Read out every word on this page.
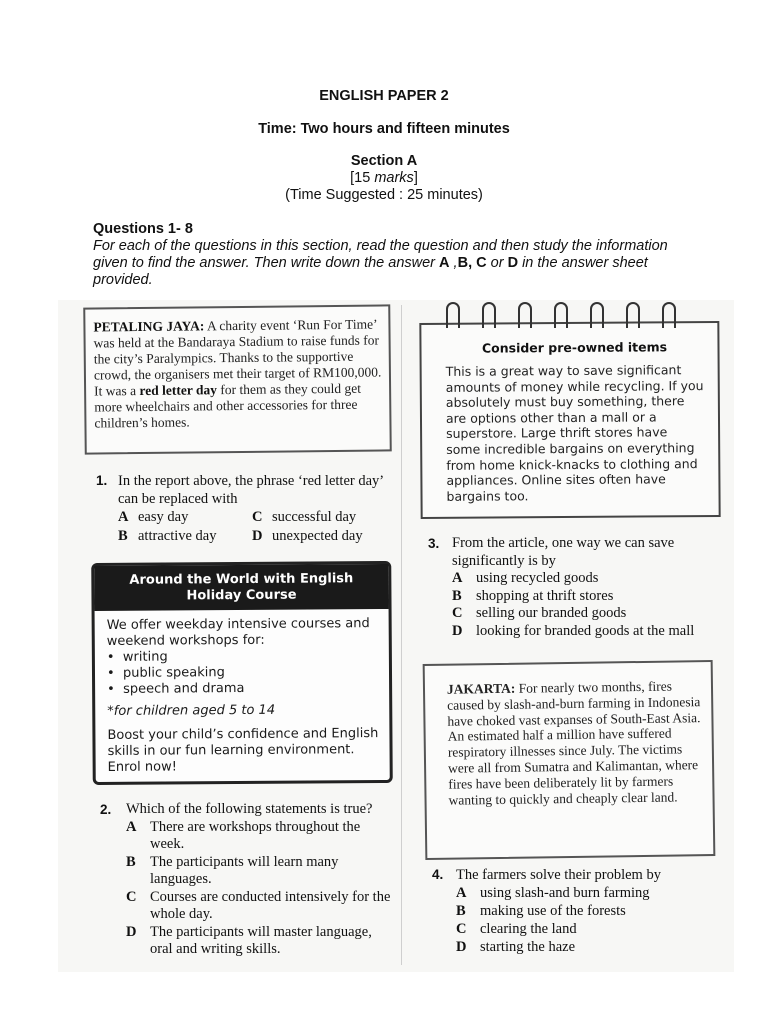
ENGLISH PAPER 2
Time: Two hours and fifteen minutes
Section A
[15 marks]
(Time Suggested : 25 minutes)
Questions 1- 8
For each of the questions in this section, read the question and then study the information given to find the answer. Then write down the answer A ,B, C or D in the answer sheet provided.
PETALING JAYA: A charity event ‘Run For Time’ was held at the Bandaraya Stadium to raise funds for the city’s Paralympics. Thanks to the supportive crowd, the organisers met their target of RM100,000. It was a red letter day for them as they could get more wheelchairs and other accessories for three children’s homes.
1. In the report above, the phrase ‘red letter day’ can be replaced with
A easy day	C successful day
B attractive day	D unexpected day
Around the World with English Holiday Course
We offer weekday intensive courses and weekend workshops for:
• writing
• public speaking
• speech and drama
*for children aged 5 to 14
Boost your child’s confidence and English skills in our fun learning environment. Enrol now!
2.	Which of the following statements is true?
A There are workshops throughout the week.
B The participants will learn many languages.
C Courses are conducted intensively for the whole day.
D The participants will master language, oral and writing skills.
Consider pre-owned items
This is a great way to save significant amounts of money while recycling. If you absolutely must buy something, there are options other than a mall or a superstore. Large thrift stores have some incredible bargains on everything from home knick-knacks to clothing and appliances. Online sites often have bargains too.
3. From the article, one way we can save significantly is by
A using recycled goods
B shopping at thrift stores
C selling our branded goods
D looking for branded goods at the mall
JAKARTA: For nearly two months, fires caused by slash-and-burn farming in Indonesia have choked vast expanses of South-East Asia. An estimated half a million have suffered respiratory illnesses since July. The victims were all from Sumatra and Kalimantan, where fires have been deliberately lit by farmers wanting to quickly and cheaply clear land.
4. The farmers solve their problem by
A using slash-and burn farming
B making use of the forests
C clearing the land
D starting the haze
